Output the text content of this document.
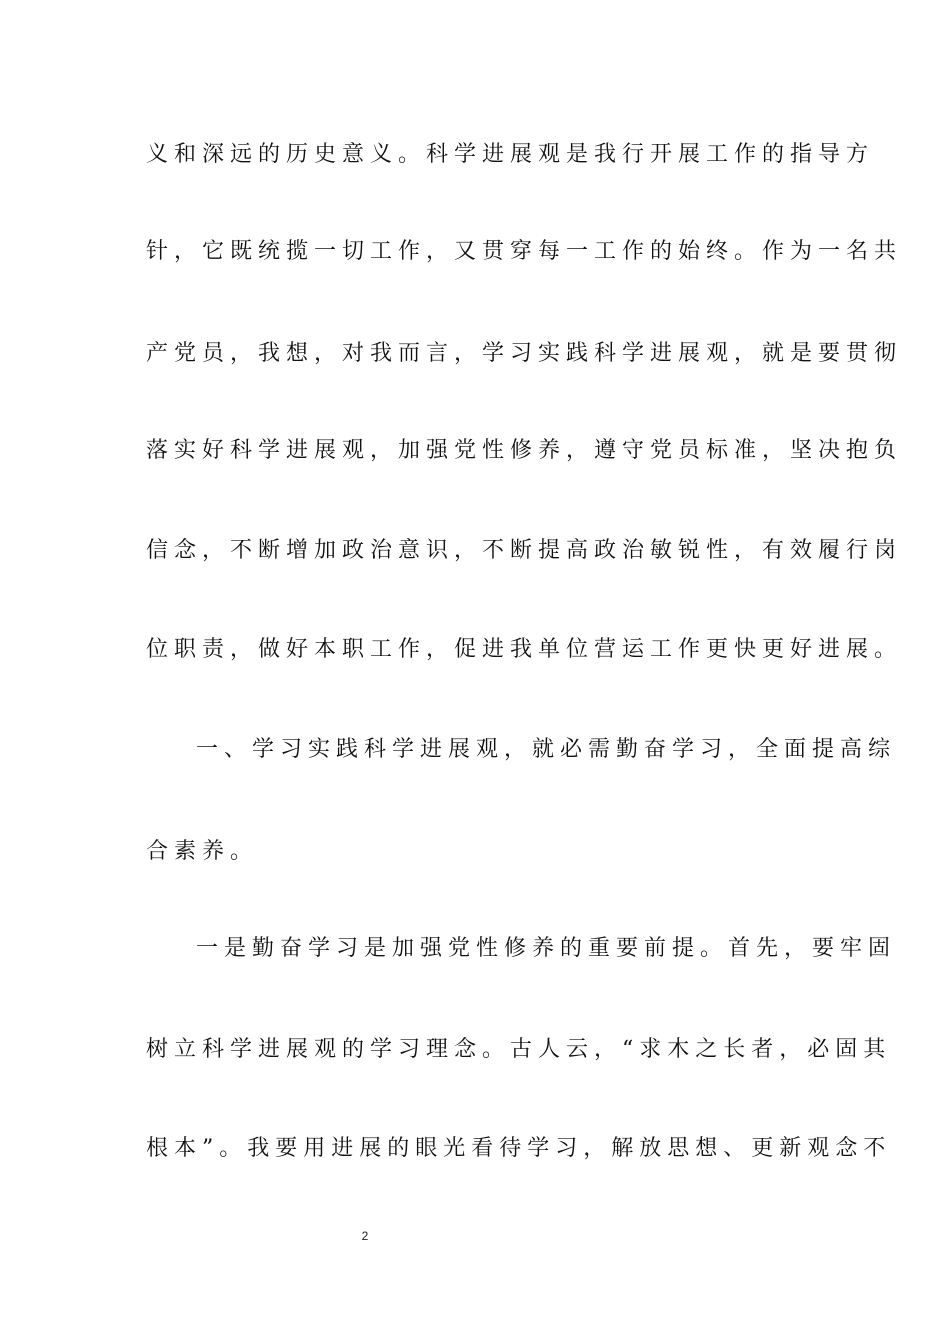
义和深远的历史意义。科学进展观是我行开展工作的指导方
针，它既统揽一切工作，又贯穿每一工作的始终。作为一名共
产党员，我想，对我而言，学习实践科学进展观，就是要贯彻
落实好科学进展观，加强党性修养，遵守党员标准，坚决抱负
信念，不断增加政治意识，不断提高政治敏锐性，有效履行岗
位职责，做好本职工作，促进我单位营运工作更快更好进展。
一、学习实践科学进展观，就必需勤奋学习，全面提高综
合素养。
一是勤奋学习是加强党性修养的重要前提。首先，要牢固
树立科学进展观的学习理念。古人云，“求木之长者，必固其
根本”。我要用进展的眼光看待学习，解放思想、更新观念不
2
